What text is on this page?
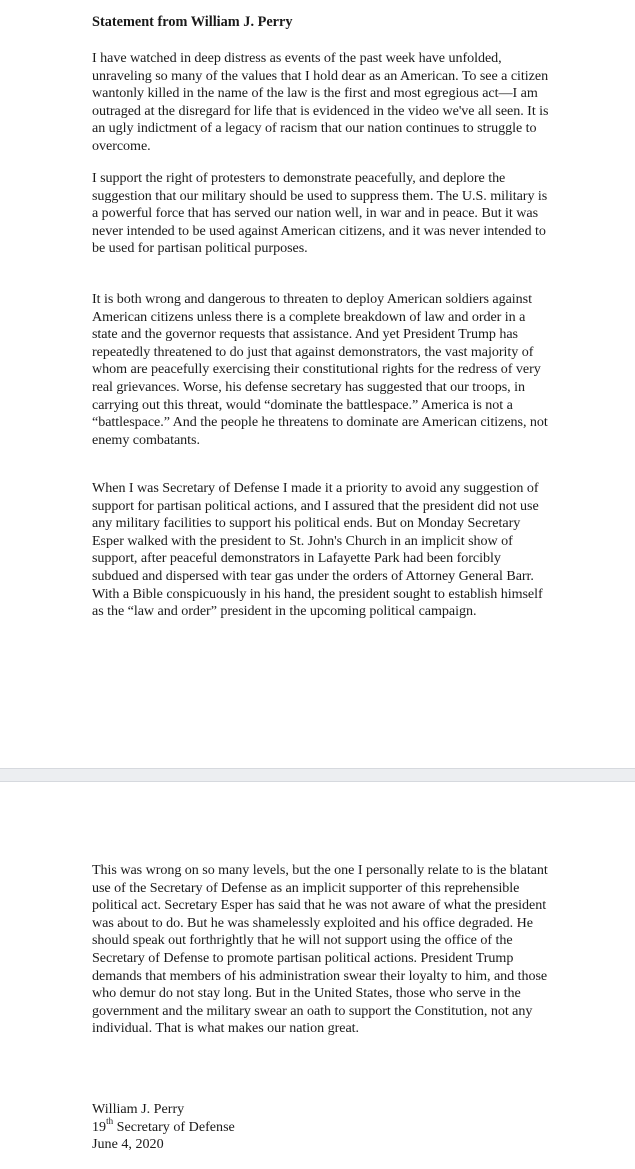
Statement from William J. Perry

I have watched in deep distress as events of the past week have unfolded, unraveling so many of the values that I hold dear as an American. To see a citizen wantonly killed in the name of the law is the first and most egregious act—I am outraged at the disregard for life that is evidenced in the video we've all seen. It is an ugly indictment of a legacy of racism that our nation continues to struggle to overcome.

I support the right of protesters to demonstrate peacefully, and deplore the suggestion that our military should be used to suppress them. The U.S. military is a powerful force that has served our nation well, in war and in peace. But it was never intended to be used against American citizens, and it was never intended to be used for partisan political purposes.

It is both wrong and dangerous to threaten to deploy American soldiers against American citizens unless there is a complete breakdown of law and order in a state and the governor requests that assistance. And yet President Trump has repeatedly threatened to do just that against demonstrators, the vast majority of whom are peacefully exercising their constitutional rights for the redress of very real grievances. Worse, his defense secretary has suggested that our troops, in carrying out this threat, would “dominate the battlespace.” America is not a “battlespace.” And the people he threatens to dominate are American citizens, not enemy combatants.

When I was Secretary of Defense I made it a priority to avoid any suggestion of support for partisan political actions, and I assured that the president did not use any military facilities to support his political ends. But on Monday Secretary Esper walked with the president to St. John's Church in an implicit show of support, after peaceful demonstrators in Lafayette Park had been forcibly subdued and dispersed with tear gas under the orders of Attorney General Barr. With a Bible conspicuously in his hand, the president sought to establish himself as the “law and order” president in the upcoming political campaign.

This was wrong on so many levels, but the one I personally relate to is the blatant use of the Secretary of Defense as an implicit supporter of this reprehensible political act. Secretary Esper has said that he was not aware of what the president was about to do. But he was shamelessly exploited and his office degraded. He should speak out forthrightly that he will not support using the office of the Secretary of Defense to promote partisan political actions. President Trump demands that members of his administration swear their loyalty to him, and those who demur do not stay long. But in the United States, those who serve in the government and the military swear an oath to support the Constitution, not any individual. That is what makes our nation great.

William J. Perry
19th Secretary of Defense
June 4, 2020
